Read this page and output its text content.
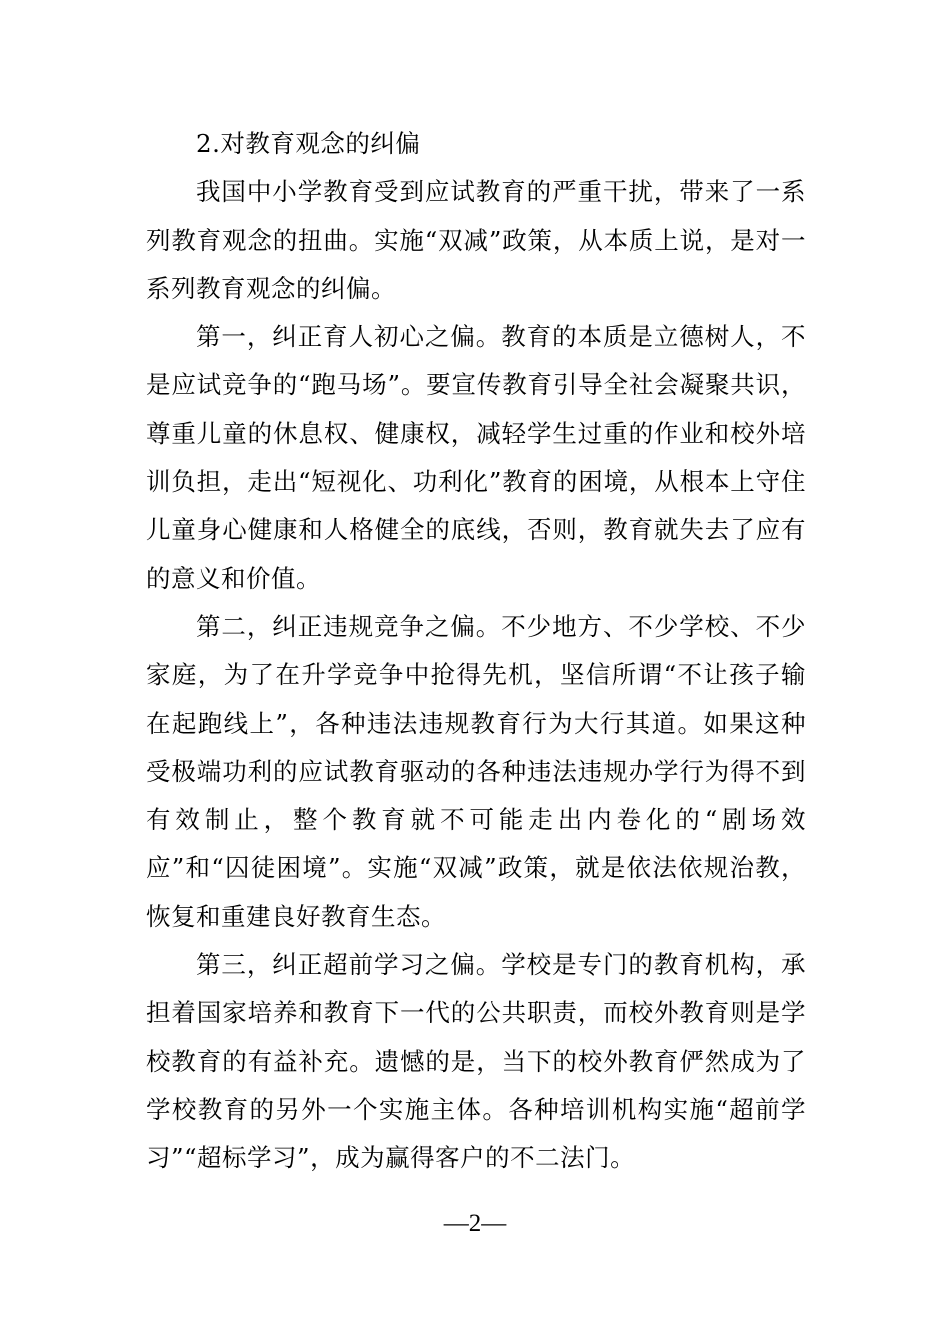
2.对教育观念的纠偏

我国中小学教育受到应试教育的严重干扰，带来了一系列教育观念的扭曲。实施“双减”政策，从本质上说，是对一系列教育观念的纠偏。

第一，纠正育人初心之偏。教育的本质是立德树人，不是应试竞争的“跑马场”。要宣传教育引导全社会凝聚共识，尊重儿童的休息权、健康权，减轻学生过重的作业和校外培训负担，走出“短视化、功利化”教育的困境，从根本上守住儿童身心健康和人格健全的底线，否则，教育就失去了应有的意义和价值。

第二，纠正违规竞争之偏。不少地方、不少学校、不少家庭，为了在升学竞争中抢得先机，坚信所谓“不让孩子输在起跑线上”，各种违法违规教育行为大行其道。如果这种受极端功利的应试教育驱动的各种违法违规办学行为得不到有效制止，整个教育就不可能走出内卷化的“剧场效应”和“囚徒困境”。实施“双减”政策，就是依法依规治教，恢复和重建良好教育生态。

第三，纠正超前学习之偏。学校是专门的教育机构，承担着国家培养和教育下一代的公共职责，而校外教育则是学校教育的有益补充。遗憾的是，当下的校外教育俨然成为了学校教育的另外一个实施主体。各种培训机构实施“超前学习”“超标学习”，成为赢得客户的不二法门。

—2—
